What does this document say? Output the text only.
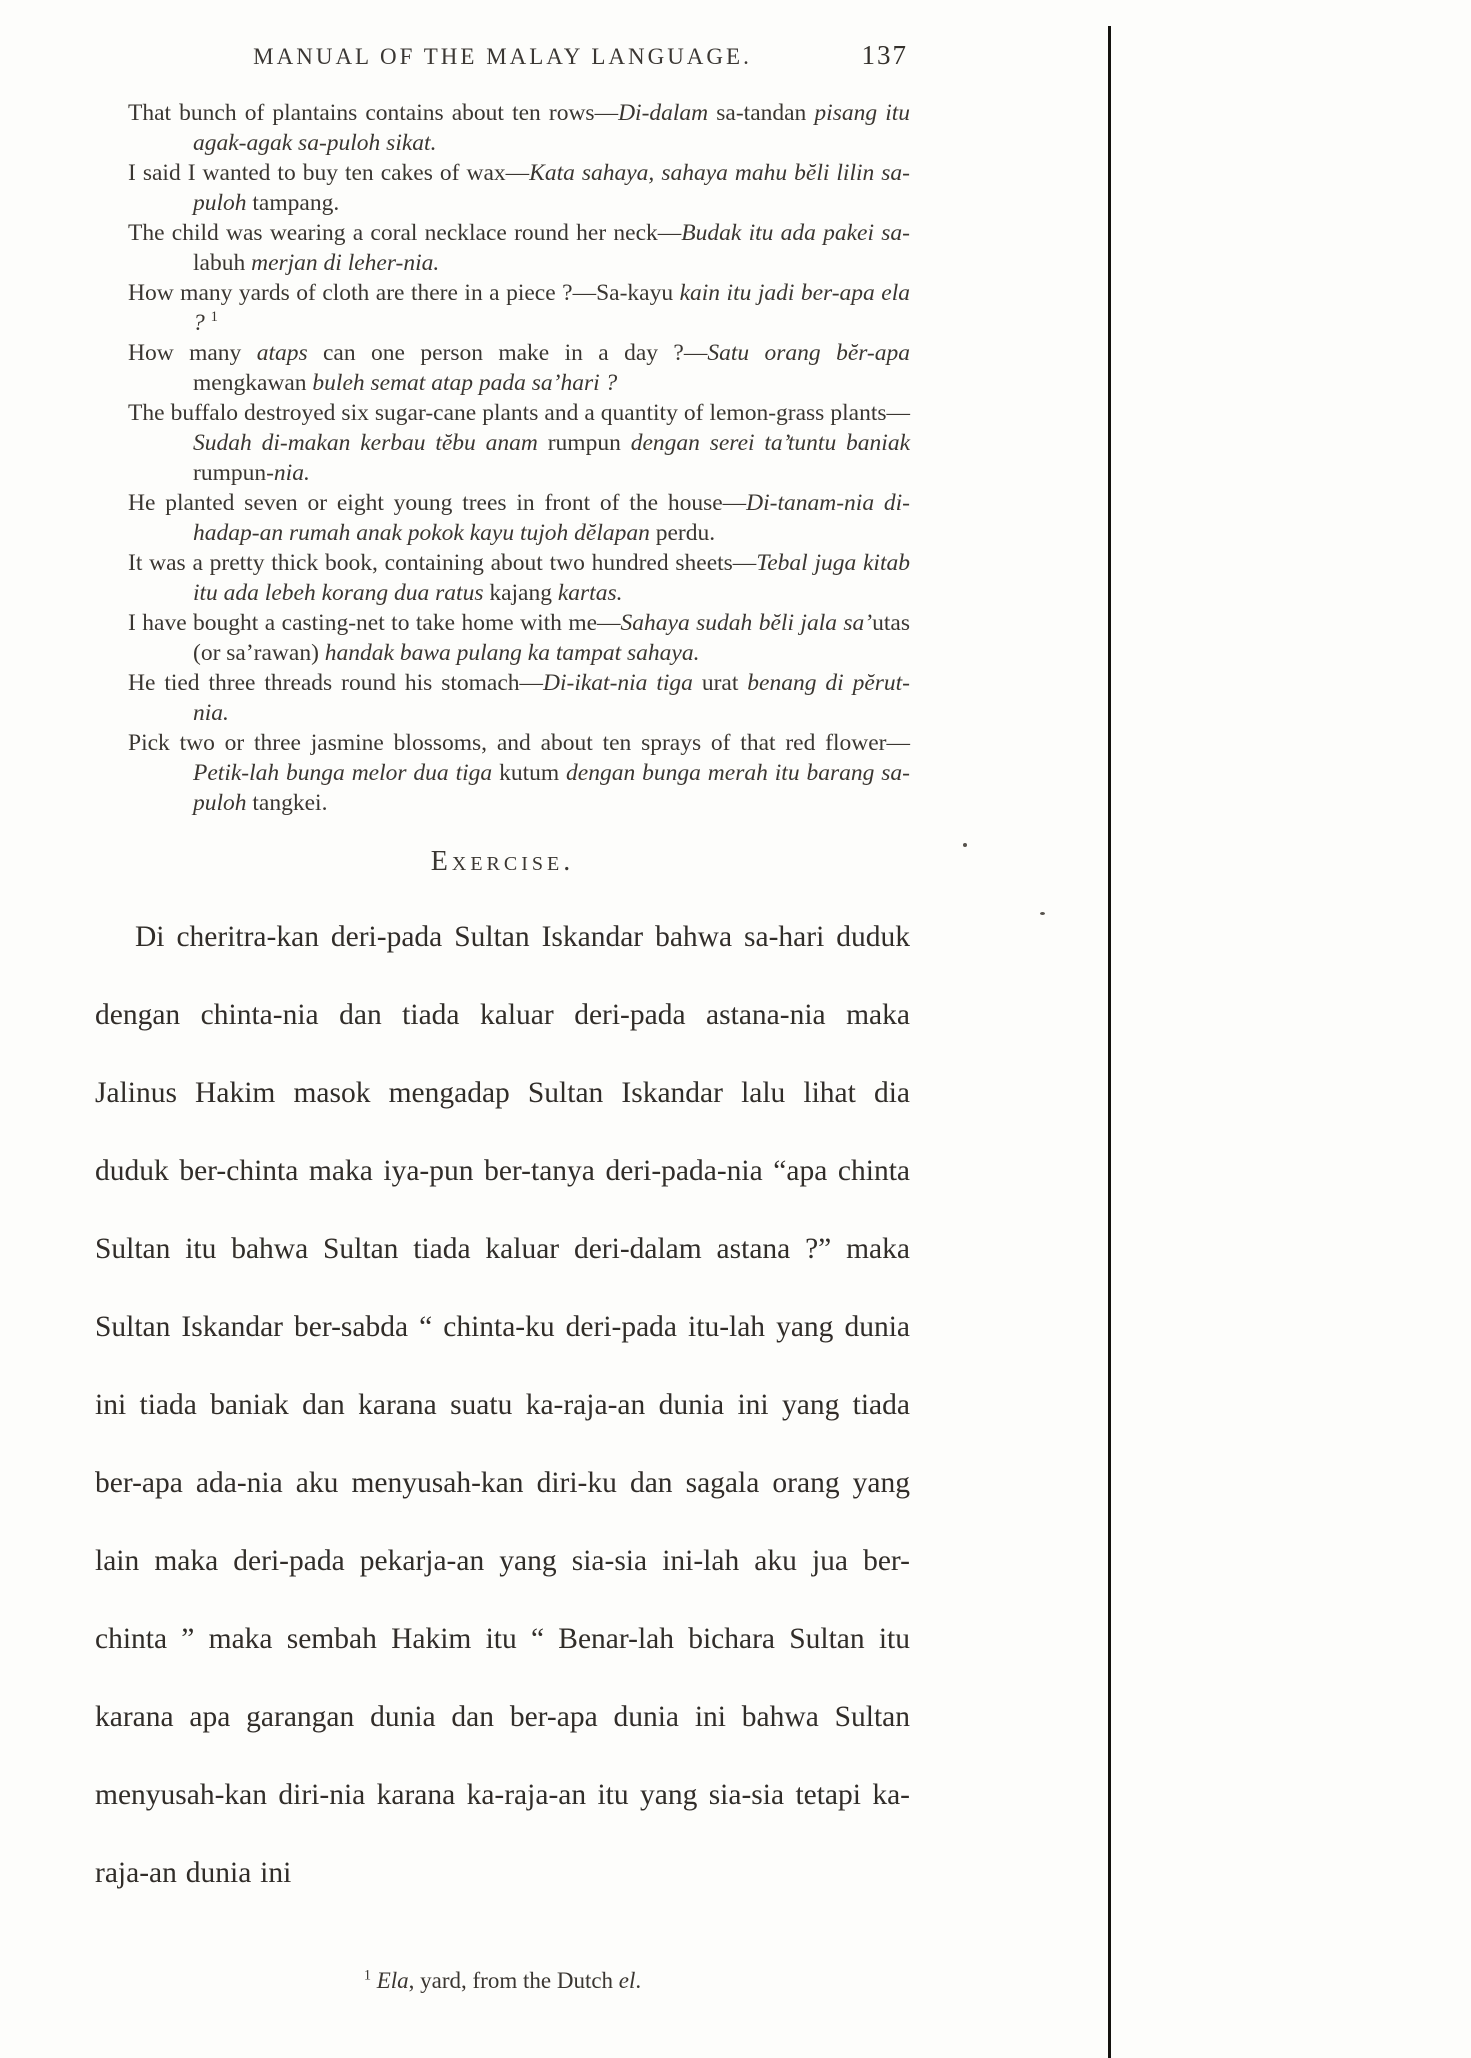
MANUAL OF THE MALAY LANGUAGE.	137

That bunch of plantains contains about ten rows—Di-dalam sa-tandan pisang itu agak-agak sa-puloh sikat.

I said I wanted to buy ten cakes of wax—Kata sahaya, sahaya mahu bĕli lilin sa-puloh tampang.

The child was wearing a coral necklace round her neck—Budak itu ada pakei sa-labuh merjan di leher-nia.

How many yards of cloth are there in a piece ?—Sa-kayu kain itu jadi ber-apa ela ? $^1$

How many ataps can one person make in a day ?—Satu orang bĕr-apa mengkawan buleh semat atap pada sa’hari ?

The buffalo destroyed six sugar-cane plants and a quantity of lemon-grass plants—Sudah di-makan kerbau tĕbu anam rumpun dengan serei ta’tuntu baniak rumpun-nia.

He planted seven or eight young trees in front of the house—Di-tanam-nia di-hadap-an rumah anak pokok kayu tujoh dĕlapan perdu.

It was a pretty thick book, containing about two hundred sheets—Tebal juga kitab itu ada lebeh korang dua ratus kajang kartas.

I have bought a casting-net to take home with me—Sahaya sudah bĕli jala sa’utas (or sa’rawan) handak bawa pulang ka tampat sahaya.

He tied three threads round his stomach—Di-ikat-nia tiga urat benang di pĕrut-nia.

Pick two or three jasmine blossoms, and about ten sprays of that red flower—Petik-lah bunga melor dua tiga kutum dengan bunga merah itu barang sa-puloh tangkei.

Exercise.

Di cheritra-kan deri-pada Sultan Iskandar bahwa sa-hari duduk dengan chinta-nia dan tiada kaluar deri-pada astana-nia maka Jalinus Hakim masok mengadap Sultan Iskandar lalu lihat dia duduk ber-chinta maka iya-pun ber-tanya deri-pada-nia “apa chinta Sultan itu bahwa Sultan tiada kaluar deri-dalam astana ?” maka Sultan Iskandar ber-sabda “ chinta-ku deri-pada itu-lah yang dunia ini tiada baniak dan karana suatu ka-raja-an dunia ini yang tiada ber-apa ada-nia aku menyusah-kan diri-ku dan sagala orang yang lain maka deri-pada pekarja-an yang sia-sia ini-lah aku jua ber-chinta ” maka sembah Hakim itu “ Benar-lah bichara Sultan itu karana apa garangan dunia dan ber-apa dunia ini bahwa Sultan menyusah-kan diri-nia karana ka-raja-an itu yang sia-sia tetapi ka-raja-an dunia ini

$^1$ Ela, yard, from the Dutch el.
